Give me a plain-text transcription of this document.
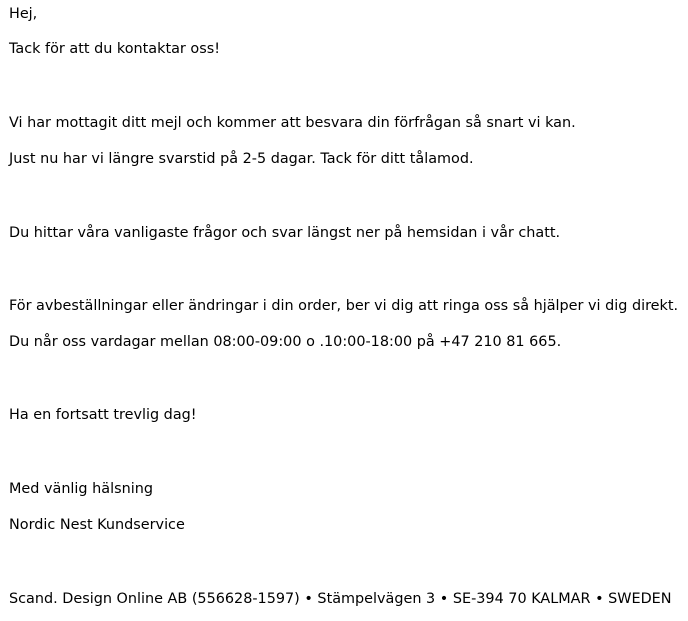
Hej,

Tack för att du kontaktar oss!

Vi har mottagit ditt mejl och kommer att besvara din förfrågan så snart vi kan.

Just nu har vi längre svarstid på 2-5 dagar. Tack för ditt tålamod.

Du hittar våra vanligaste frågor och svar längst ner på hemsidan i vår chatt.

För avbeställningar eller ändringar i din order, ber vi dig att ringa oss så hjälper vi dig direkt.

Du når oss vardagar mellan 08:00-09:00 o .10:00-18:00 på +47 210 81 665.

Ha en fortsatt trevlig dag!

Med vänlig hälsning

Nordic Nest Kundservice

Scand. Design Online AB (556628-1597) • Stämpelvägen 3 • SE-394 70 KALMAR • SWEDEN
